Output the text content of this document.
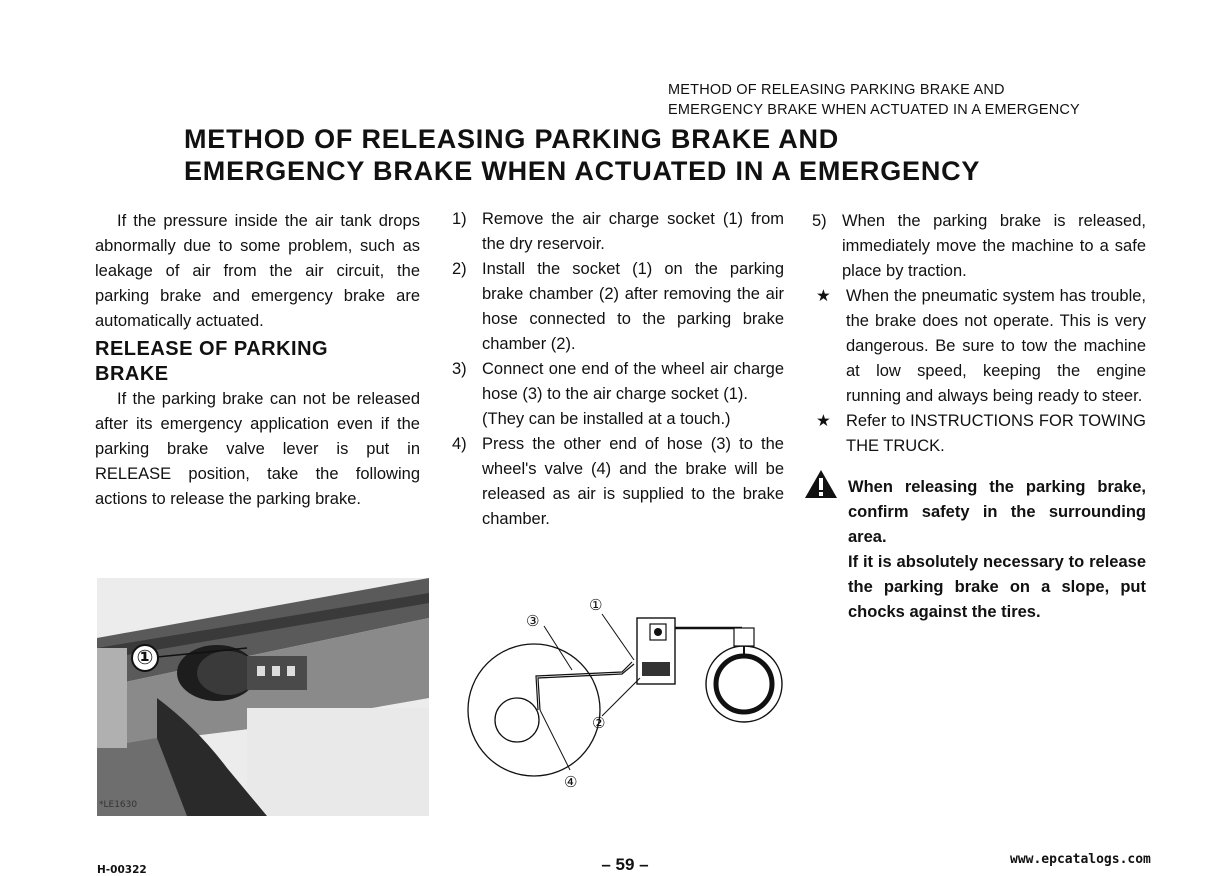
METHOD OF RELEASING PARKING BRAKE AND
EMERGENCY BRAKE WHEN ACTUATED IN A EMERGENCY
METHOD OF RELEASING PARKING BRAKE AND
EMERGENCY BRAKE WHEN ACTUATED IN A EMERGENCY

If the pressure inside the air tank drops abnormally due to some problem, such as leakage of air from the air circuit, the parking brake and emergency brake are automatically actuated.

RELEASE OF PARKING
BRAKE

If the parking brake can not be released after its emergency application even if the parking brake valve lever is put in RELEASE position, take the following actions to release the parking brake.

1) Remove the air charge socket (1) from the dry reservoir.
2) Install the socket (1) on the parking brake chamber (2) after removing the air hose connected to the parking brake chamber (2).
3) Connect one end of the wheel air charge hose (3) to the air charge socket (1).
(They can be installed at a touch.)
4) Press the other end of hose (3) to the wheel's valve (4) and the brake will be released as air is supplied to the brake chamber.
5) When the parking brake is released, immediately move the machine to a safe place by traction.
★ When the pneumatic system has trouble, the brake does not operate. This is very dangerous. Be sure to tow the machine at low speed, keeping the engine running and always being ready to steer.
★ Refer to INSTRUCTIONS FOR TOWING THE TRUCK.

When releasing the parking brake, confirm safety in the surrounding area.

If it is absolutely necessary to release the parking brake on a slope, put chocks against the tires.

①
*LE1630
③
①
②
④
H-00322	– 59 –	www.epcatalogs.com
